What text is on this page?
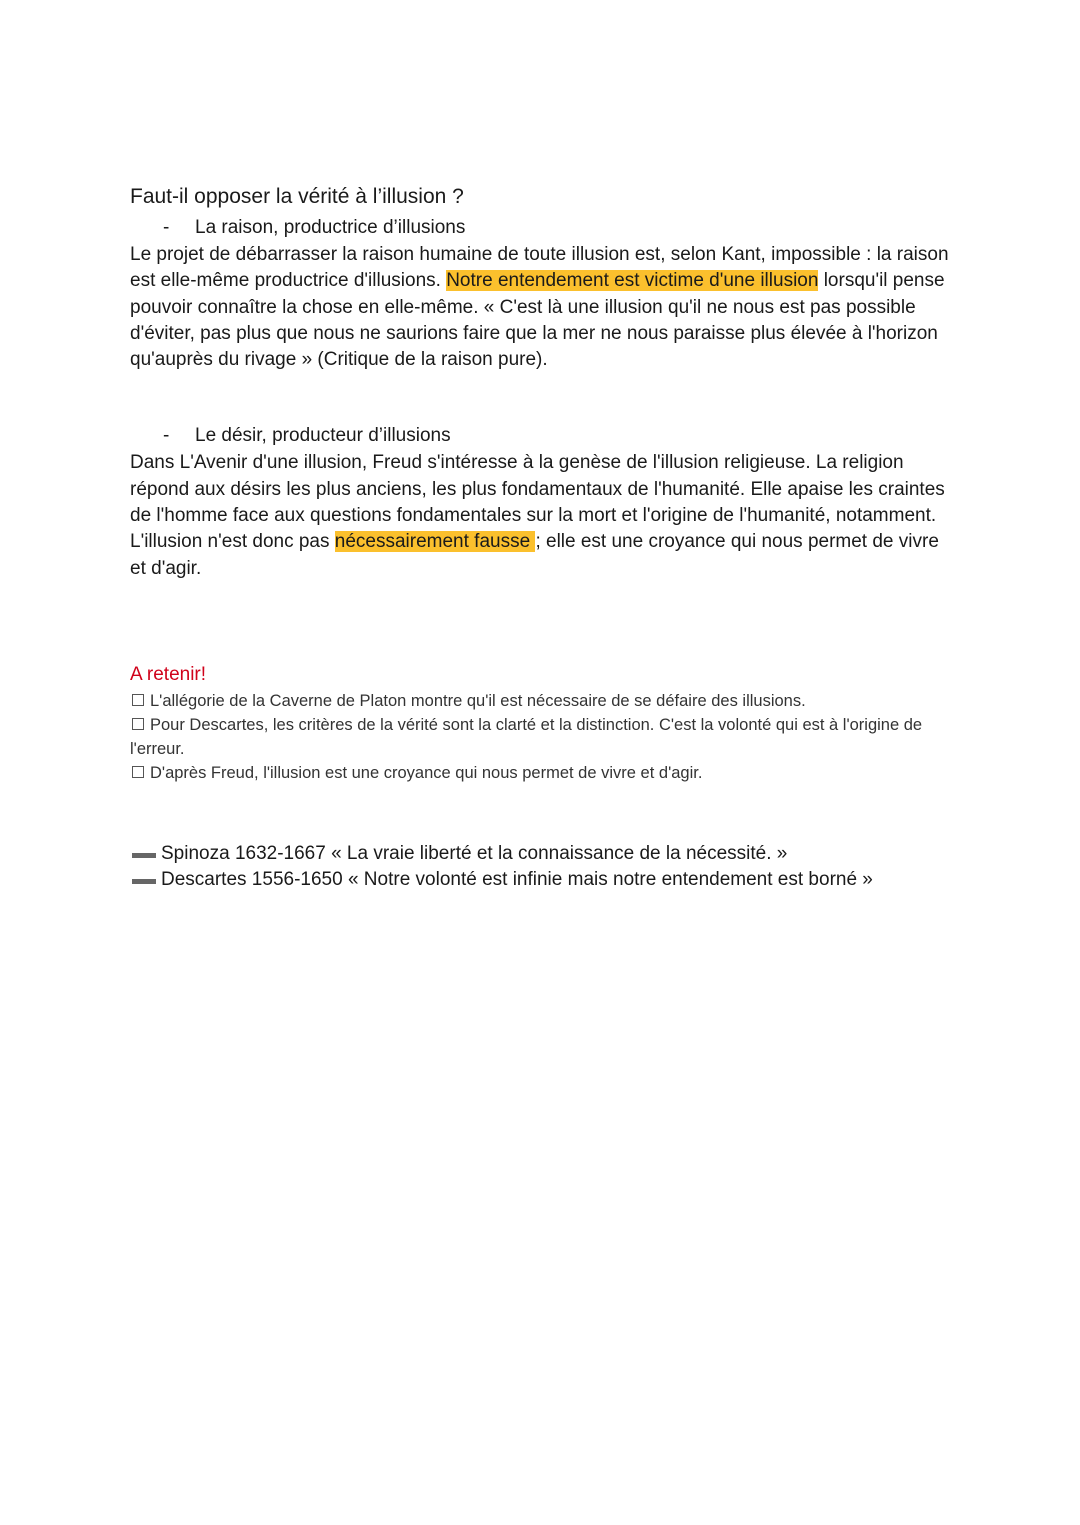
Faut-il opposer la vérité à l’illusion ?
- La raison, productrice d’illusions

Le projet de débarrasser la raison humaine de toute illusion est, selon Kant, impossible : la raison est elle-même productrice d'illusions. Notre entendement est victime d'une illusion lorsqu'il pense pouvoir connaître la chose en elle-même. « C'est là une illusion qu'il ne nous est pas possible d'éviter, pas plus que nous ne saurions faire que la mer ne nous paraisse plus élevée à l'horizon qu'auprès du rivage » (Critique de la raison pure).

- Le désir, producteur d’illusions

Dans L'Avenir d'une illusion, Freud s'intéresse à la genèse de l'illusion religieuse. La religion répond aux désirs les plus anciens, les plus fondamentaux de l'humanité. Elle apaise les craintes de l'homme face aux questions fondamentales sur la mort et l'origine de l'humanité, notamment. L'illusion n'est donc pas nécessairement fausse ; elle est une croyance qui nous permet de vivre et d'agir.

A retenir!
L'allégorie de la Caverne de Platon montre qu'il est nécessaire de se défaire des illusions.
Pour Descartes, les critères de la vérité sont la clarté et la distinction. C'est la volonté qui est à l'origine de l'erreur.
D'après Freud, l'illusion est une croyance qui nous permet de vivre et d'agir.
Spinoza 1632-1667 « La vraie liberté et la connaissance de la nécessité. »
Descartes 1556-1650 « Notre volonté est infinie mais notre entendement est borné »
